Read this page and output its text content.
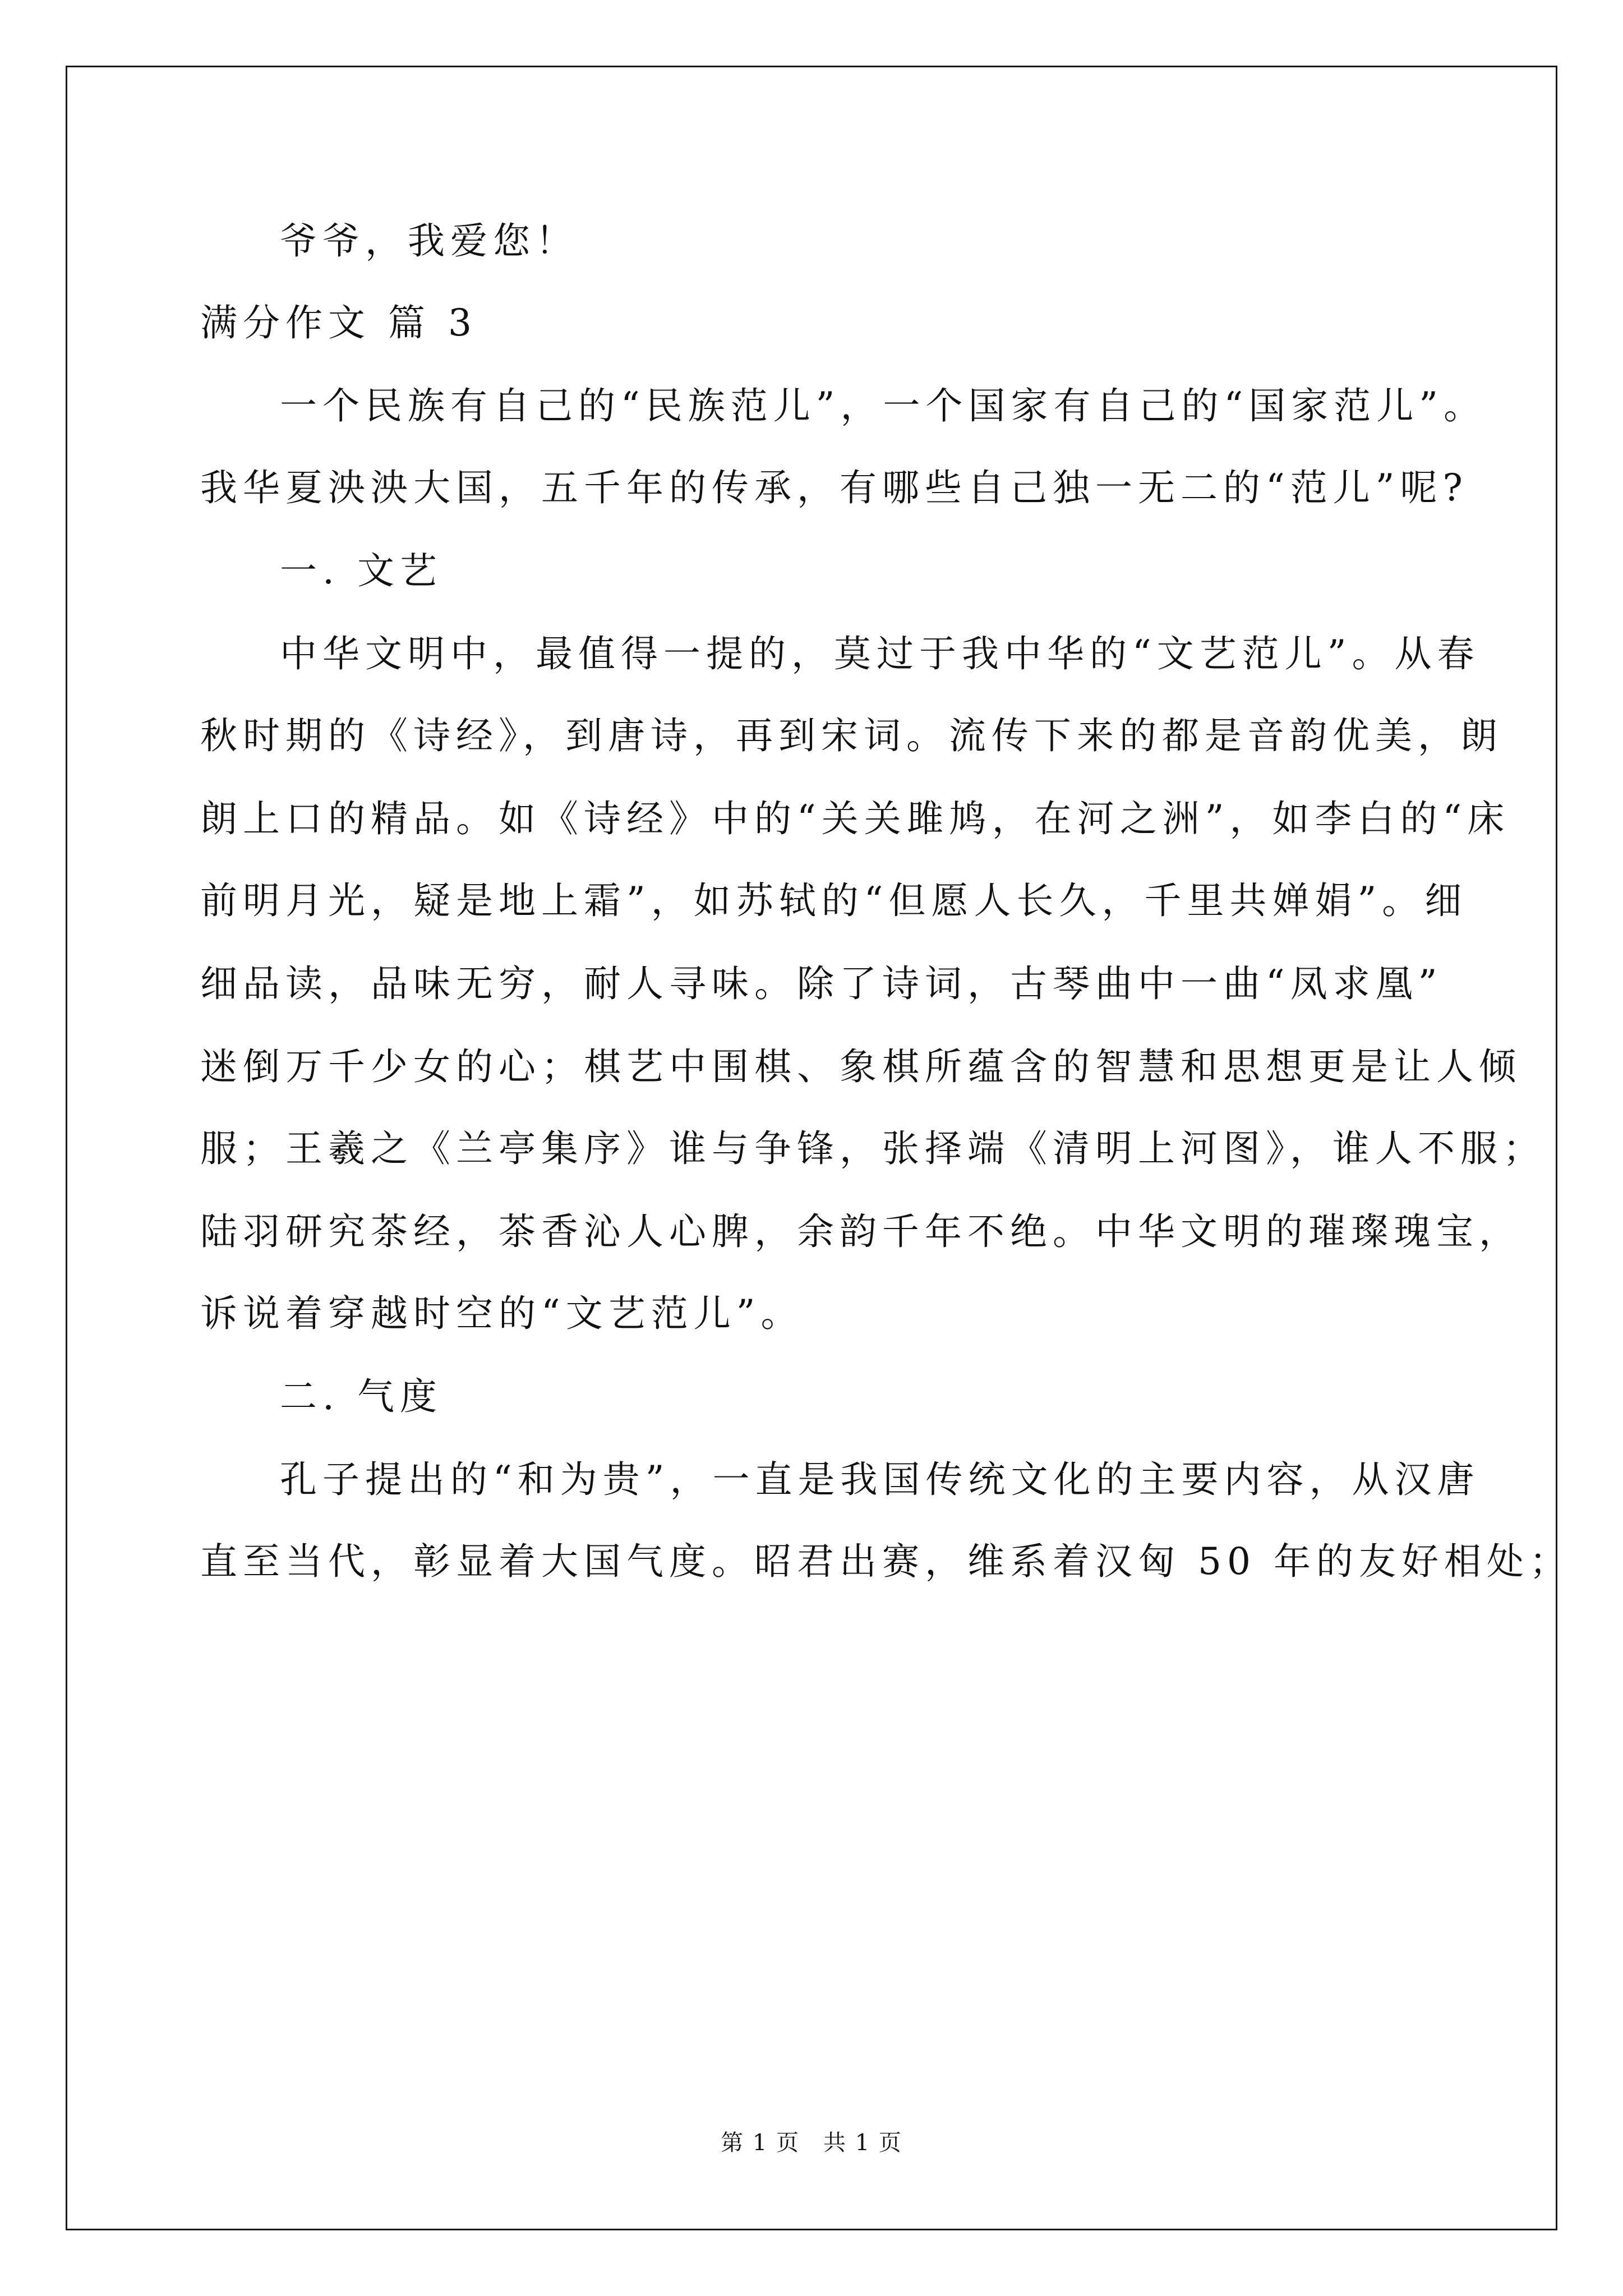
爷爷，我爱您！
满分作文 篇 3
一个民族有自己的“民族范儿”，一个国家有自己的“国家范儿”。
我华夏泱泱大国，五千年的传承，有哪些自己独一无二的“范儿”呢?
一. 文艺
中华文明中，最值得一提的，莫过于我中华的“文艺范儿”。从春
秋时期的《诗经》，到唐诗，再到宋词。流传下来的都是音韵优美，朗
朗上口的精品。如《诗经》中的“关关雎鸠，在河之洲”，如李白的“床
前明月光，疑是地上霜”，如苏轼的“但愿人长久，千里共婵娟”。细
细品读，品味无穷，耐人寻味。除了诗词，古琴曲中一曲“凤求凰”
迷倒万千少女的心；棋艺中围棋、象棋所蕴含的智慧和思想更是让人倾
服；王羲之《兰亭集序》谁与争锋，张择端《清明上河图》，谁人不服；
陆羽研究茶经，茶香沁人心脾，余韵千年不绝。中华文明的璀璨瑰宝，
诉说着穿越时空的“文艺范儿”。
二. 气度
孔子提出的“和为贵”，一直是我国传统文化的主要内容，从汉唐
直至当代，彰显着大国气度。昭君出赛，维系着汉匈 50 年的友好相处；
第 1 页　共 1 页
